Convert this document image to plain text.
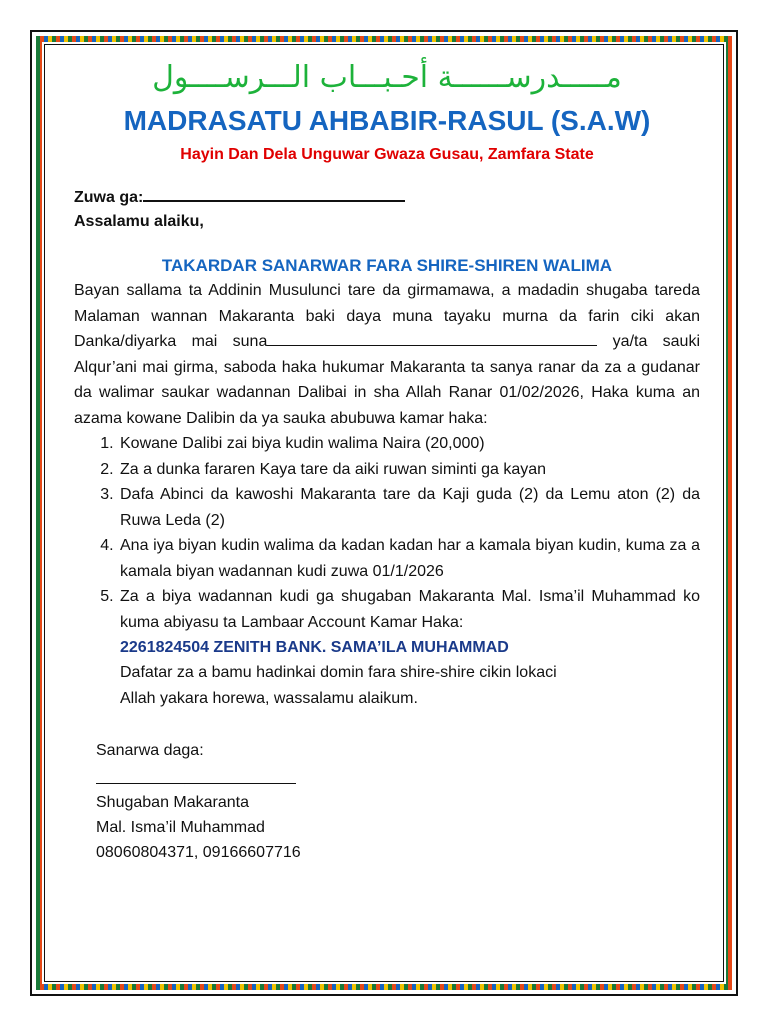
مـــــدرســــــة أحـبـــاب الـــرســــول
MADRASATU AHBABIR-RASUL (S.A.W)
Hayin Dan Dela Unguwar Gwaza Gusau, Zamfara State
Zuwa ga:
Assalamu alaiku,
TAKARDAR SANARWAR FARA SHIRE-SHIREN WALIMA

Bayan sallama ta Addinin Musulunci tare da girmamawa, a madadin shugaba tareda Malaman wannan Makaranta baki daya muna tayaku murna da farin ciki akan Danka/diyarka mai suna	ya/ta sauki Alqur’ani mai girma, saboda haka hukumar Makaranta ta sanya ranar da za a gudanar da walimar saukar wadannan Dalibai in sha Allah Ranar 01/02/2026, Haka kuma an azama kowane Dalibin da ya sauka abubuwa kamar haka:

1. Kowane Dalibi zai biya kudin walima Naira (20,000)
2. Za a dunka fararen Kaya tare da aiki ruwan siminti ga kayan
3. Dafa Abinci da kawoshi Makaranta tare da Kaji guda (2) da Lemu aton (2) da Ruwa Leda (2)
4. Ana iya biyan kudin walima da kadan kadan har a kamala biyan kudin, kuma za a kamala biyan wadannan kudi zuwa 01/1/2026
5. Za a biya wadannan kudi ga shugaban Makaranta Mal. Isma’il Muhammad ko kuma abiyasu ta Lambaar Account Kamar Haka:
2261824504 ZENITH BANK. SAMA’ILA MUHAMMAD
Dafatar za a bamu hadinkai domin fara shire-shire cikin lokaci
Allah yakara horewa, wassalamu alaikum.
Sanarwa daga:
Shugaban Makaranta
Mal. Isma’il Muhammad
08060804371, 09166607716
